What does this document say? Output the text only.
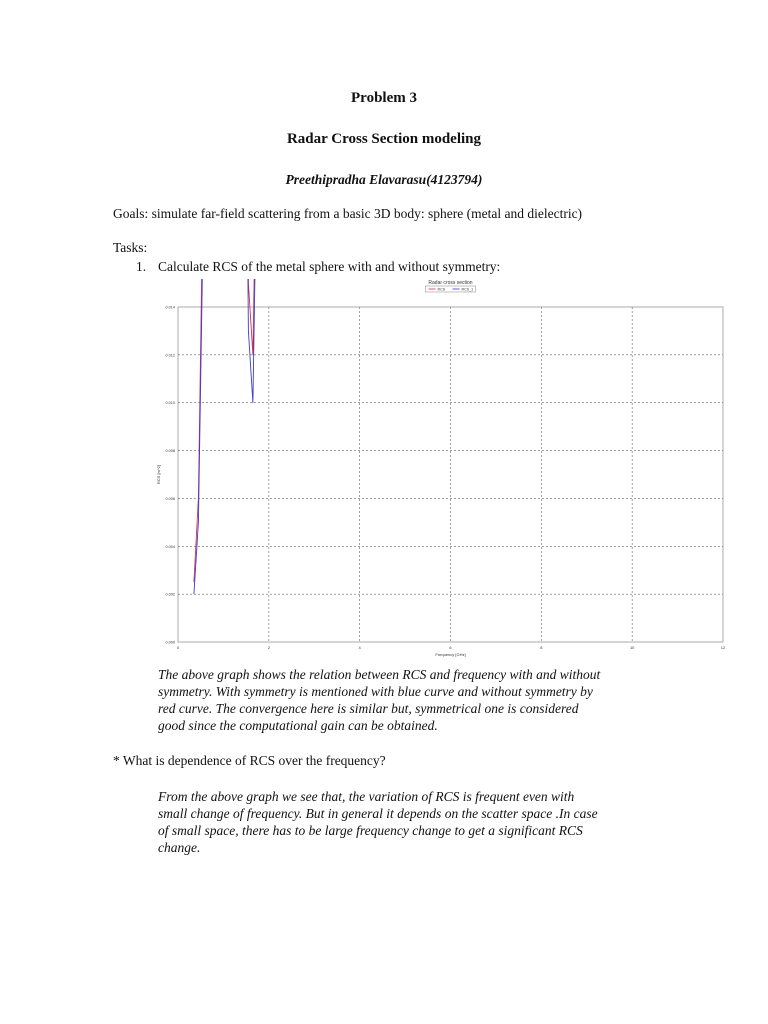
Problem 3
Radar Cross Section modeling
Preethipradha Elavarasu(4123794)
Goals: simulate far-field scattering from a basic 3D body: sphere (metal and dielectric)
Tasks:
1. Calculate RCS of the metal sphere with and without symmetry:
Radar cross section
RCS	RCS_1
0	2	4	6	8	10	12
0.000
0.002
0.004
0.006
0.008
0.010
0.012
0.014
Frequency [GHz]
RCS [m^2]
The above graph shows the relation between RCS and frequency with and without
symmetry. With symmetry is mentioned with blue curve and without symmetry by
red curve. The convergence here is similar but, symmetrical one is considered
good since the computational gain can be obtained.
* What is dependence of RCS over the frequency?
From the above graph we see that, the variation of RCS is frequent even with
small change of frequency. But in general it depends on the scatter space .In case
of small space, there has to be large frequency change to get a significant RCS
change.
